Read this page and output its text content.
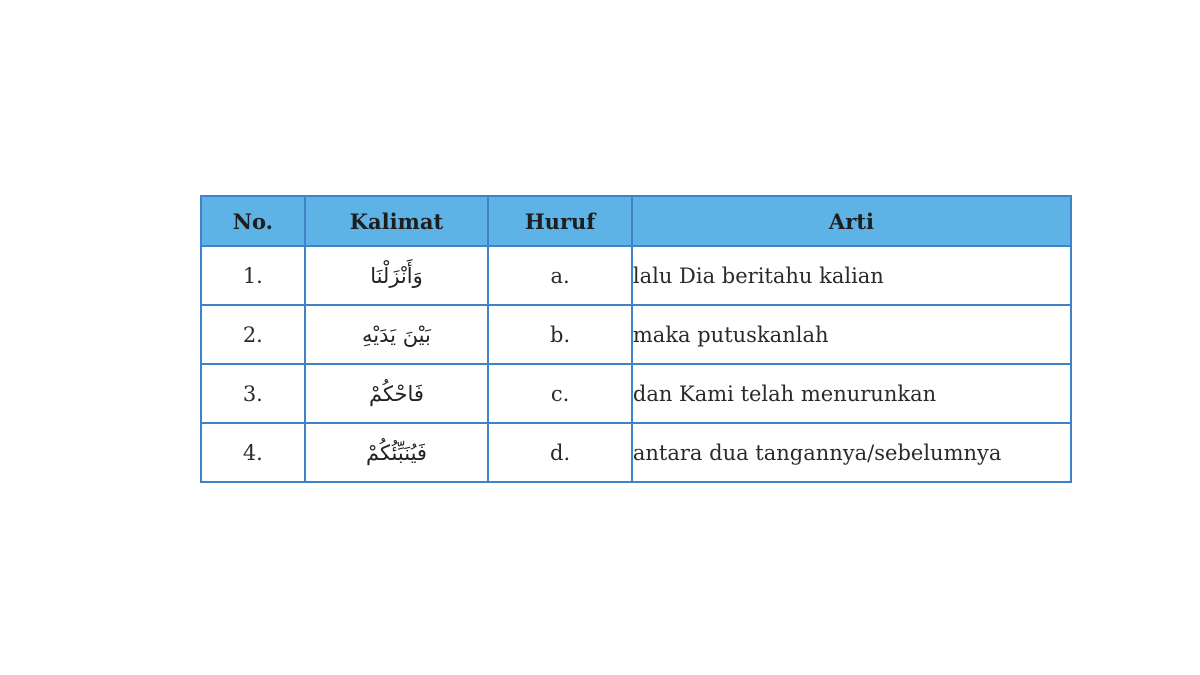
No.	Kalimat	Huruf	Arti
1.	وَأَنْزَلْنَا	a.	lalu Dia beritahu kalian
2.	بَيْنَ يَدَيْهِ	b.	maka putuskanlah
3.	فَاحْكُمْ	c.	dan Kami telah menurunkan
4.	فَيُنَبِّئُكُمْ	d.	antara dua tangannya/sebelumnya
